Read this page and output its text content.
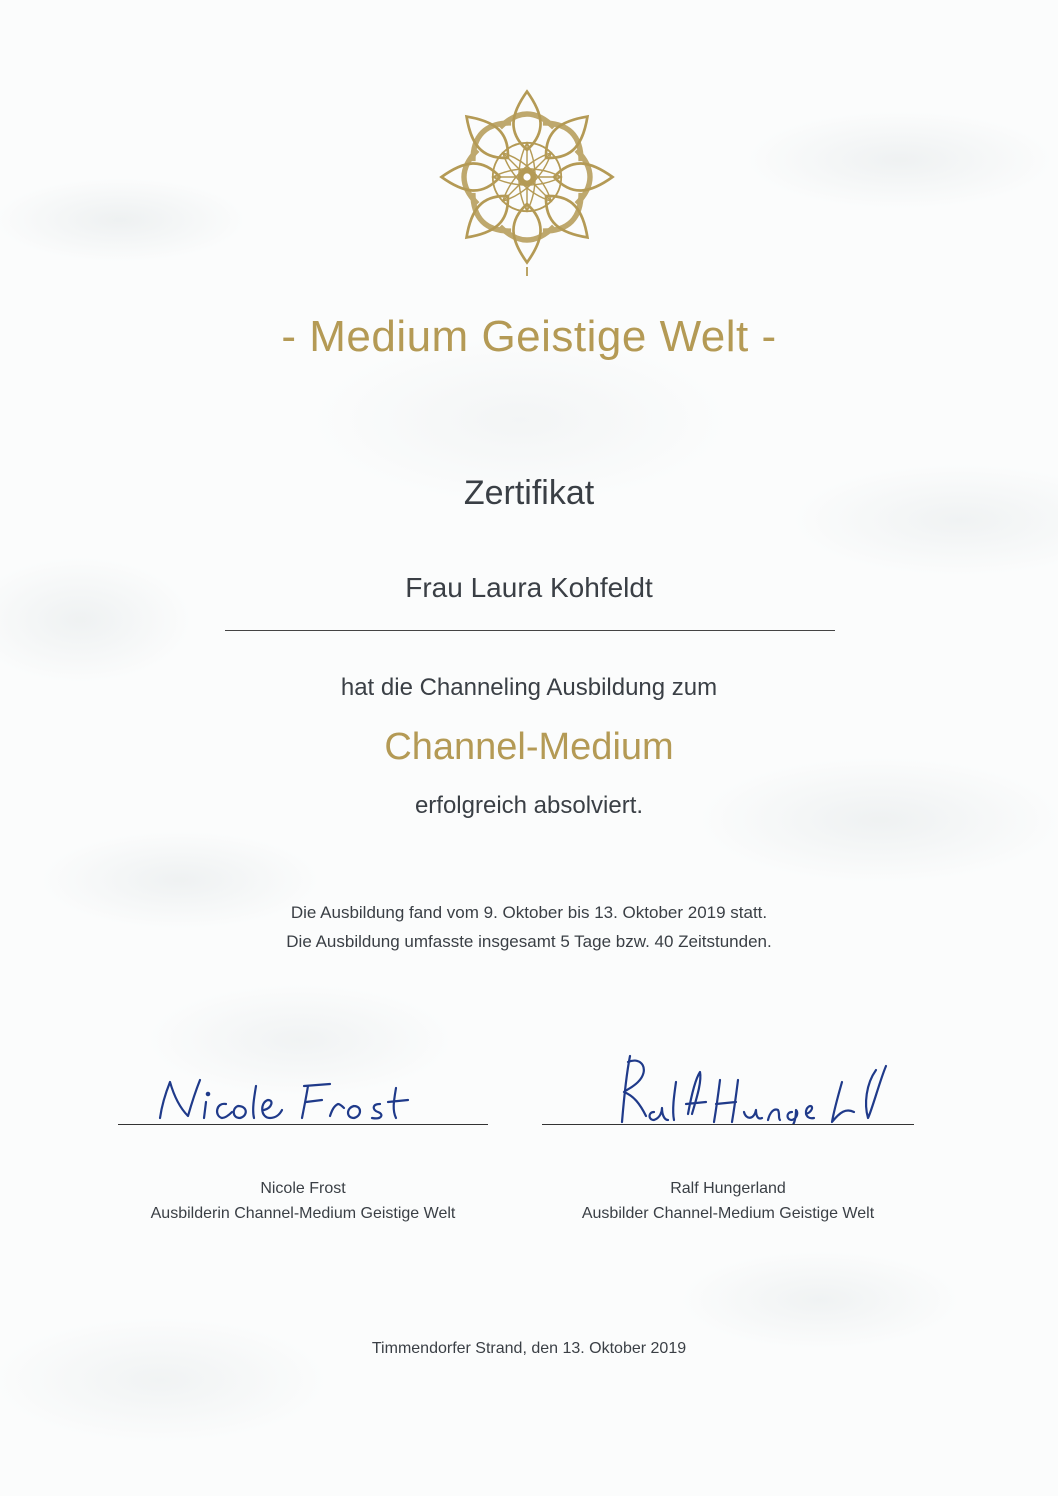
- Medium Geistige Welt -
Zertifikat
Frau Laura Kohfeldt
hat die Channeling Ausbildung zum
Channel-Medium
erfolgreich absolviert.
Die Ausbildung fand vom 9. Oktober bis 13. Oktober 2019 statt.
Die Ausbildung umfasste insgesamt 5 Tage bzw. 40 Zeitstunden.
Nicole Frost
Ausbilderin Channel-Medium Geistige Welt
Ralf Hungerland
Ausbilder Channel-Medium Geistige Welt
Timmendorfer Strand, den 13. Oktober 2019
